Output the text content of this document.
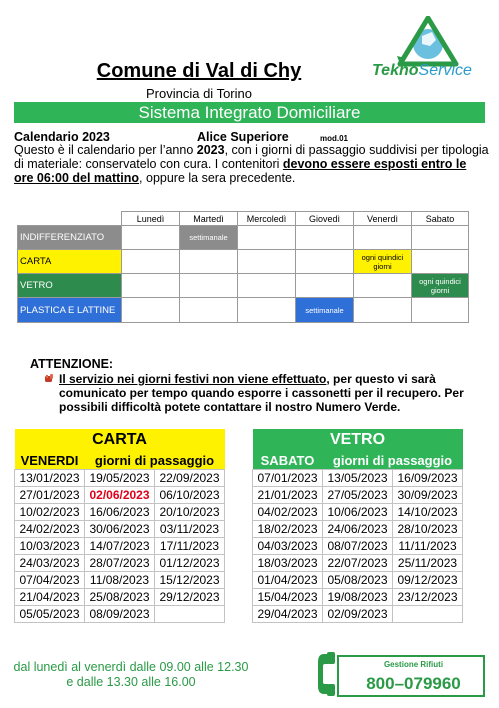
Comune di Val di Chy
Provincia di Torino
Sistema Integrato Domiciliare
TeknoService
Calendario 2023	Alice Superiore	mod.01
Questo è il calendario per l’anno 2023, con i giorni di passaggio suddivisi per tipologia di materiale: conservatelo con cura. I contenitori devono essere esposti entro le ore 06:00 del mattino, oppure la sera precedente.
	Lunedì	Martedì	Mercoledì	Giovedì	Venerdì	Sabato
INDIFFERENZIATO		settimanale				
CARTA					ogni quindici giorni	
VETRO						ogni quindici giorni
PLASTICA E LATTINE				settimanale		
ATTENZIONE:
Il servizio nei giorni festivi non viene effettuato, per questo vi sarà comunicato per tempo quando esporre i cassonetti per il recupero. Per possibili difficoltà potete contattare il nostro Numero Verde.
CARTA		
VENERDI	giorni di passaggio	
13/01/2023	19/05/2023	22/09/2023
27/01/2023	02/06/2023	06/10/2023
10/02/2023	16/06/2023	20/10/2023
24/02/2023	30/06/2023	03/11/2023
10/03/2023	14/07/2023	17/11/2023
24/03/2023	28/07/2023	01/12/2023
07/04/2023	11/08/2023	15/12/2023
21/04/2023	25/08/2023	29/12/2023
05/05/2023	08/09/2023	
VETRO		
SABATO	giorni di passaggio	
07/01/2023	13/05/2023	16/09/2023
21/01/2023	27/05/2023	30/09/2023
04/02/2023	10/06/2023	14/10/2023
18/02/2023	24/06/2023	28/10/2023
04/03/2023	08/07/2023	11/11/2023
18/03/2023	22/07/2023	25/11/2023
01/04/2023	05/08/2023	09/12/2023
15/04/2023	19/08/2023	23/12/2023
29/04/2023	02/09/2023	
dal lunedì al venerdì dalle 09.00 alle 12.30
e dalle 13.30 alle 16.00
Gestione Rifiuti
800–079960
